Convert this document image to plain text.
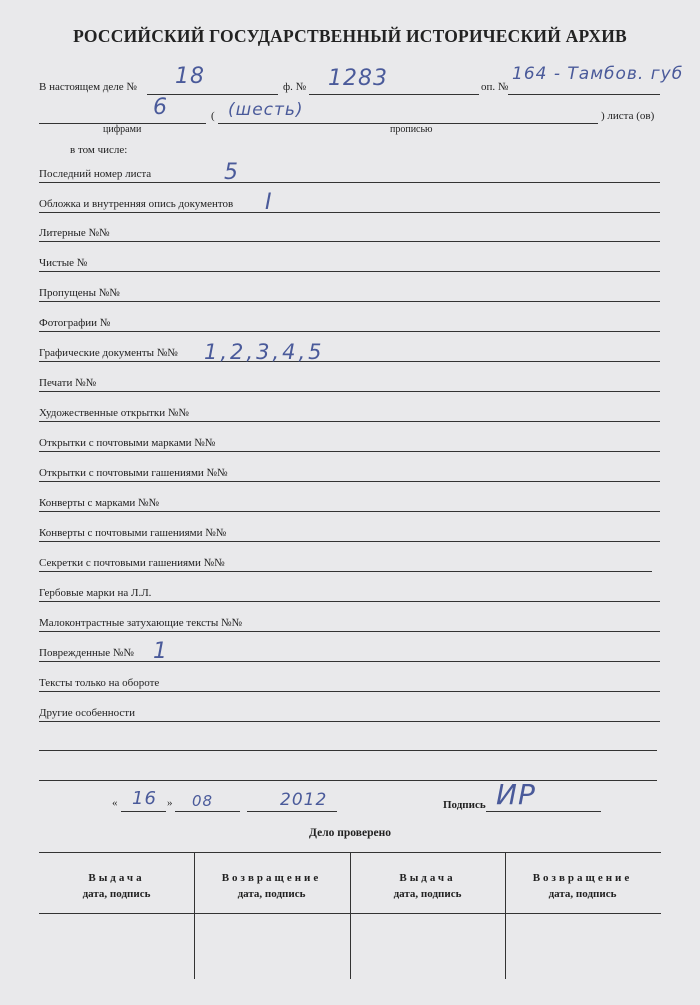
РОССИЙСКИЙ ГОСУДАРСТВЕННЫЙ ИСТОРИЧЕСКИЙ АРХИВ
В настоящем деле № 18	ф. № 1283	оп. №
164 - Тамбов. губ
6	( (шесть)	) листа (ов)
цифрами	прописью
в том числе:
Последний номер листа	5
Обложка и внутренняя опись документов I
Литерные №№
Чистые №
Пропущены №№
Фотографии №
Графические документы №№ 1,2,3,4,5
Печати №№
Художественные открытки №№
Открытки с почтовыми марками №№
Открытки с почтовыми гашениями №№
Конверты с марками №№
Конверты с почтовыми гашениями №№
Секретки с почтовыми гашениями №№
Гербовые марки на Л.Л.
Малоконтрастные затухающие тексты №№
Поврежденные №№ 1
Тексты только на обороте
Другие особенности
« 16 » 08	2012	Подпись ИР
Дело проверено
Выдача
дата, подпись
Возвращение
дата, подпись
Выдача
дата, подпись
Возвращение
дата, подпись
